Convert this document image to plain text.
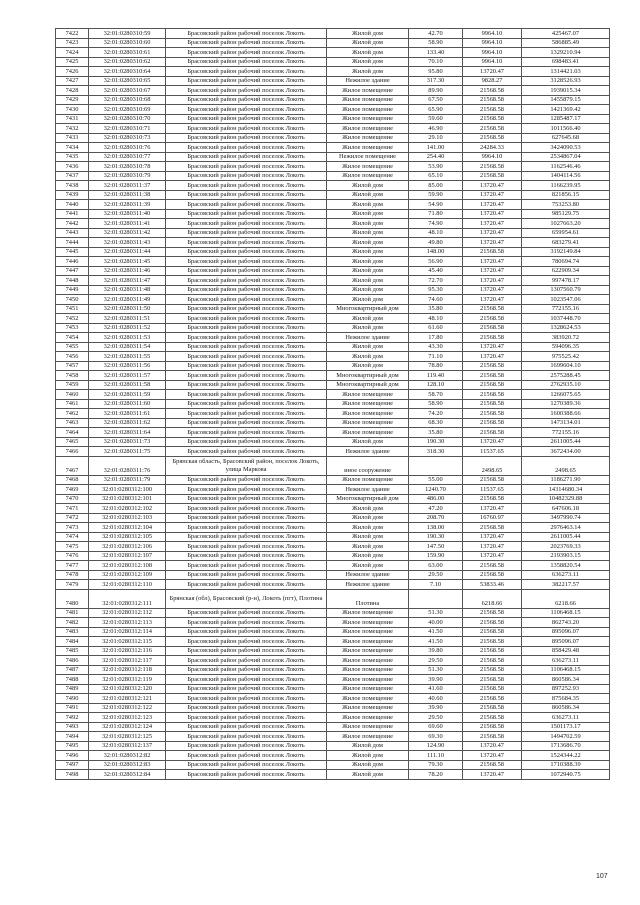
7422	32:01:0280310:59	Брасовский район рабочий поселок Локоть	Жилой дом	42.70	9964.10	425467.07
7423	32:01:0280310:60	Брасовский район рабочий поселок Локоть	Жилой дом	58.90	9964.10	586885.49
7424	32:01:0280310:61	Брасовский район рабочий поселок Локоть	Жилой дом	133.40	9964.10	1329210.94
7425	32:01:0280310:62	Брасовский район рабочий поселок Локоть	Жилой дом	70.10	9964.10	698483.41
7426	32:01:0280310:64	Брасовский район рабочий поселок Локоть	Жилой дом	95.80	13720.47	1314421.03
7427	32:01:0280310:65	Брасовский район рабочий поселок Локоть	Нежилое здание	317.30	9828.27	3128526.93
7428	32:01:0280310:67	Брасовский район рабочий поселок Локоть	Жилое помещение	89.90	21568.58	1939015.34
7429	32:01:0280310:68	Брасовский район рабочий поселок Локоть	Жилое помещение	67.50	21568.58	1455879.15
7430	32:01:0280310:69	Брасовский район рабочий поселок Локоть	Жилое помещение	65.90	21568.58	1421369.42
7431	32:01:0280310:70	Брасовский район рабочий поселок Локоть	Жилое помещение	59.60	21568.58	1285487.17
7432	32:01:0280310:71	Брасовский район рабочий поселок Локоть	Жилое помещение	46.90	21568.58	1011566.40
7433	32:01:0280310:73	Брасовский район рабочий поселок Локоть	Жилое помещение	29.10	21568.58	627645.68
7434	32:01:0280310:76	Брасовский район рабочий поселок Локоть	Жилое помещение	141.00	24284.33	3424090.53
7435	32:01:0280310:77	Брасовский район рабочий поселок Локоть	Нежилое помещение	254.40	9964.10	2534867.04
7436	32:01:0280310:78	Брасовский район рабочий поселок Локоть	Жилое помещение	53.90	21568.58	1162546.46
7437	32:01:0280310:79	Брасовский район рабочий поселок Локоть	Жилое помещение	65.10	21568.58	1404114.56
7438	32:01:0280311:37	Брасовский район рабочий поселок Локоть	Жилой дом	85.00	13720.47	1166239.95
7439	32:01:0280311:38	Брасовский район рабочий поселок Локоть	Жилой дом	59.90	13720.47	821856.15
7440	32:01:0280311:39	Брасовский район рабочий поселок Локоть	Жилой дом	54.90	13720.47	753253.80
7441	32:01:0280311:40	Брасовский район рабочий поселок Локоть	Жилой дом	71.80	13720.47	985129.75
7442	32:01:0280311:41	Брасовский район рабочий поселок Локоть	Жилой дом	74.90	13720.47	1027663.20
7443	32:01:0280311:42	Брасовский район рабочий поселок Локоть	Жилой дом	48.10	13720.47	659954.61
7444	32:01:0280311:43	Брасовский район рабочий поселок Локоть	Жилой дом	49.80	13720.47	683279.41
7445	32:01:0280311:44	Брасовский район рабочий поселок Локоть	Жилой дом	148.00	21568.58	3192149.84
7446	32:01:0280311:45	Брасовский район рабочий поселок Локоть	Жилой дом	56.90	13720.47	780694.74
7447	32:01:0280311:46	Брасовский район рабочий поселок Локоть	Жилой дом	45.40	13720.47	622909.34
7448	32:01:0280311:47	Брасовский район рабочий поселок Локоть	Жилой дом	72.70	13720.47	997478.17
7449	32:01:0280311:48	Брасовский район рабочий поселок Локоть	Жилой дом	95.30	13720.47	1307560.79
7450	32:01:0280311:49	Брасовский район рабочий поселок Локоть	Жилой дом	74.60	13720.47	1023547.06
7451	32:01:0280311:50	Брасовский район рабочий поселок Локоть	Многоквартирный дом	35.80	21568.58	772155.16
7452	32:01:0280311:51	Брасовский район рабочий поселок Локоть	Жилой дом	48.10	21568.58	1037448.70
7453	32:01:0280311:52	Брасовский район рабочий поселок Локоть	Жилой дом	61.60	21568.58	1328624.53
7454	32:01:0280311:53	Брасовский район рабочий поселок Локоть	Нежилое здание	17.80	21568.58	383920.72
7455	32:01:0280311:54	Брасовский район рабочий поселок Локоть	Жилой дом	43.30	13720.47	594096.35
7456	32:01:0280311:55	Брасовский район рабочий поселок Локоть	Жилой дом	71.10	13720.47	975525.42
7457	32:01:0280311:56	Брасовский район рабочий поселок Локоть	Жилой дом	78.80	21568.58	1699604.10
7458	32:01:0280311:57	Брасовский район рабочий поселок Локоть	Многоквартирный дом	119.40	21568.58	2575288.45
7459	32:01:0280311:58	Брасовский район рабочий поселок Локоть	Многоквартирный дом	128.10	21568.58	2762935.10
7460	32:01:0280311:59	Брасовский район рабочий поселок Локоть	Жилое помещение	58.70	21568.58	1266075.65
7461	32:01:0280311:60	Брасовский район рабочий поселок Локоть	Жилое помещение	58.90	21568.58	1270389.36
7462	32:01:0280311:61	Брасовский район рабочий поселок Локоть	Жилое помещение	74.20	21568.58	1600388.66
7463	32:01:0280311:62	Брасовский район рабочий поселок Локоть	Жилое помещение	68.30	21568.58	1473134.01
7464	32:01:0280311:64	Брасовский район рабочий поселок Локоть	Жилое помещение	35.80	21568.58	772155.16
7465	32:01:0280311:73	Брасовский район рабочий поселок Локоть	Жилой дом	190.30	13720.47	2611005.44
7466	32:01:0280311:75	Брасовский район рабочий поселок Локоть	Нежилое здание	318.30	11537.65	3672434.00
7467	32:01:0280311:76	Брянская область, Брасовский район, поселок Локоть, улица Маркова	иное сооружение		2498.65	2498.65
7468	32:01:0280311:79	Брасовский район рабочий поселок Локоть	Жилое помещение	55.00	21568.58	1186271.90
7469	32:01:0280312:100	Брасовский район рабочий поселок Локоть	Нежилое здание	1240.70	11537.65	14314680.34
7470	32:01:0280312:101	Брасовский район рабочий поселок Локоть	Многоквартирный дом	486.00	21568.58	10482329.88
7471	32:01:0280312:102	Брасовский район рабочий поселок Локоть	Жилой дом	47.20	13720.47	647606.18
7472	32:01:0280312:103	Брасовский район рабочий поселок Локоть	Жилой дом	208.70	16760.97	3497990.74
7473	32:01:0280312:104	Брасовский район рабочий поселок Локоть	Жилой дом	138.00	21568.58	2976463.14
7474	32:01:0280312:105	Брасовский район рабочий поселок Локоть	Жилой дом	190.30	13720.47	2611005.44
7475	32:01:0280312:106	Брасовский район рабочий поселок Локоть	Жилой дом	147.50	13720.47	2023769.33
7476	32:01:0280312:107	Брасовский район рабочий поселок Локоть	Жилой дом	159.90	13720.47	2193903.15
7477	32:01:0280312:108	Брасовский район рабочий поселок Локоть	Жилой дом	63.00	21568.58	1358820.54
7478	32:01:0280312:109	Брасовский район рабочий поселок Локоть	Нежилое здание	29.50	21568.58	636273.11
7479	32:01:0280312:110	Брасовский район рабочий поселок Локоть	Нежилое здание	7.10	53833.46	382217.57
7480	32:01:0280312:111	Брянская (обл), Брасовский (р-н), Локоть (пгт), Плотина	Плотина		6218.66	6218.66
7481	32:01:0280312:112	Брасовский район рабочий поселок Локоть	Жилое помещение	51.30	21568.58	1106468.15
7482	32:01:0280312:113	Брасовский район рабочий поселок Локоть	Жилое помещение	40.00	21568.58	862743.20
7483	32:01:0280312:114	Брасовский район рабочий поселок Локоть	Жилое помещение	41.50	21568.58	895096.07
7484	32:01:0280312:115	Брасовский район рабочий поселок Локоть	Жилое помещение	41.50	21568.58	895096.07
7485	32:01:0280312:116	Брасовский район рабочий поселок Локоть	Жилое помещение	39.80	21568.58	858429.48
7486	32:01:0280312:117	Брасовский район рабочий поселок Локоть	Жилое помещение	29.50	21568.58	636273.11
7487	32:01:0280312:118	Брасовский район рабочий поселок Локоть	Жилое помещение	51.30	21568.58	1106468.15
7488	32:01:0280312:119	Брасовский район рабочий поселок Локоть	Жилое помещение	39.90	21568.58	860586.34
7489	32:01:0280312:120	Брасовский район рабочий поселок Локоть	Жилое помещение	41.60	21568.58	897252.93
7490	32:01:0280312:121	Брасовский район рабочий поселок Локоть	Жилое помещение	40.60	21568.58	875684.35
7491	32:01:0280312:122	Брасовский район рабочий поселок Локоть	Жилое помещение	39.90	21568.58	860586.34
7492	32:01:0280312:123	Брасовский район рабочий поселок Локоть	Жилое помещение	29.50	21568.58	636273.11
7493	32:01:0280312:124	Брасовский район рабочий поселок Локоть	Жилое помещение	69.60	21568.58	1501173.17
7494	32:01:0280312:125	Брасовский район рабочий поселок Локоть	Жилое помещение	69.30	21568.58	1494702.59
7495	32:01:0280312:137	Брасовский район рабочий поселок Локоть	Жилой дом	124.90	13720.47	1713686.70
7496	32:01:0280312:82	Брасовский район рабочий поселок Локоть	Жилой дом	111.10	13720.47	1524344.22
7497	32:01:0280312:83	Брасовский район рабочий поселок Локоть	Жилой дом	79.30	21568.58	1710388.39
7498	32:01:0280312:84	Брасовский район рабочий поселок Локоть	Жилой дом	78.20	13720.47	1072940.75
107
